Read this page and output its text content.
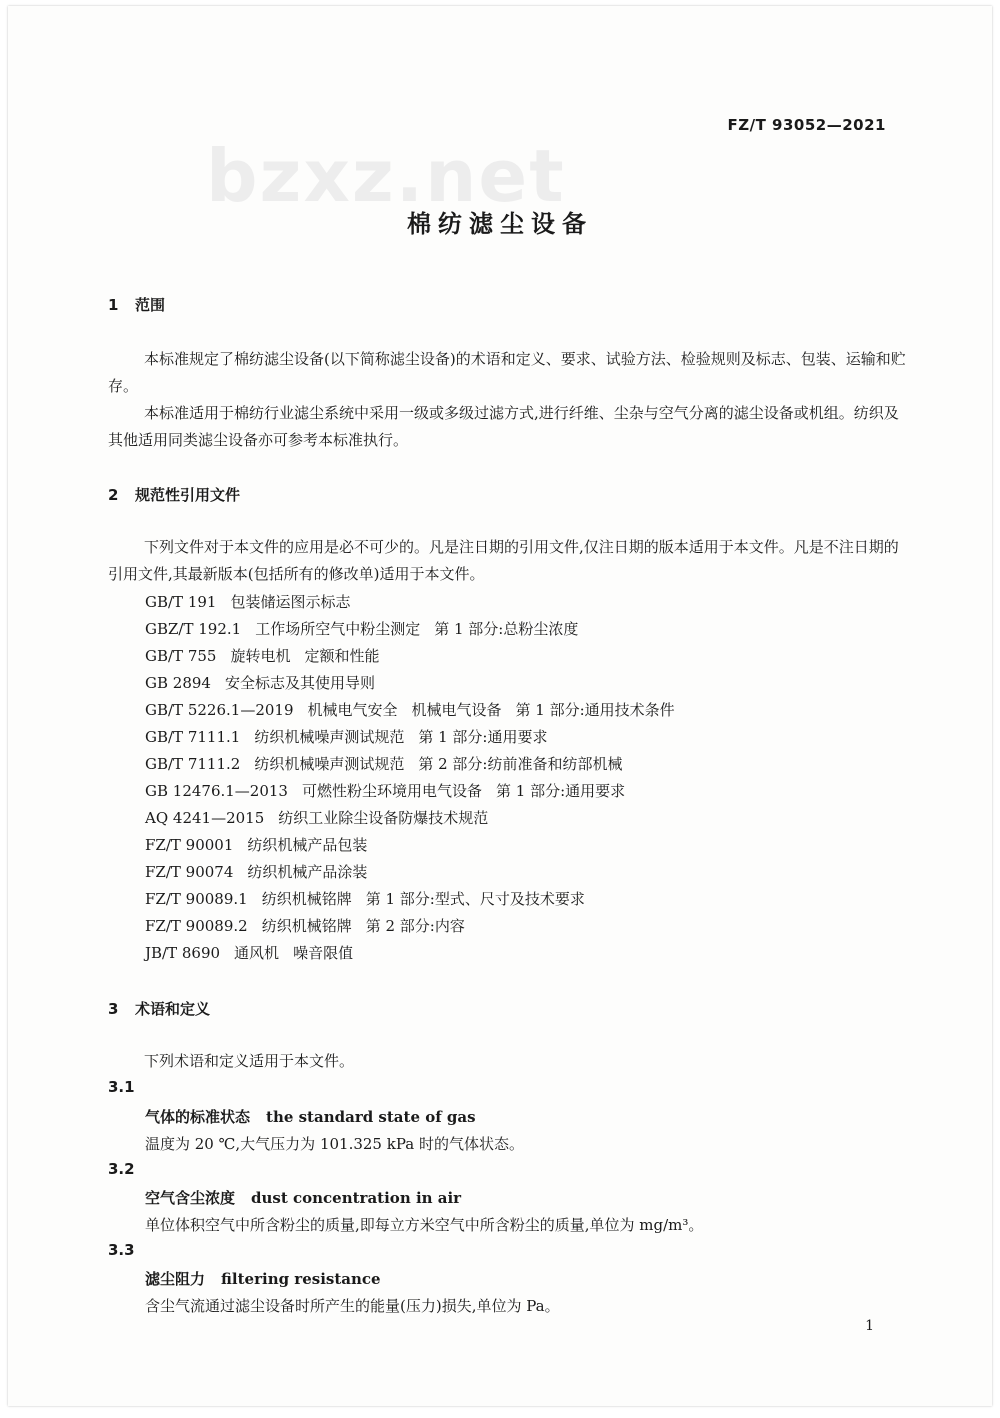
FZ/T 93052—2021
bzxz.net
棉纺滤尘设备
1 范围
本标准规定了棉纺滤尘设备(以下简称滤尘设备)的术语和定义、要求、试验方法、检验规则及标志、包装、运输和贮存。
本标准适用于棉纺行业滤尘系统中采用一级或多级过滤方式,进行纤维、尘杂与空气分离的滤尘设备或机组。纺织及其他适用同类滤尘设备亦可参考本标准执行。
2 规范性引用文件
下列文件对于本文件的应用是必不可少的。凡是注日期的引用文件,仅注日期的版本适用于本文件。凡是不注日期的引用文件,其最新版本(包括所有的修改单)适用于本文件。
GB/T 191 包装储运图示标志
GBZ/T 192.1 工作场所空气中粉尘测定 第 1 部分:总粉尘浓度
GB/T 755 旋转电机 定额和性能
GB 2894 安全标志及其使用导则
GB/T 5226.1—2019 机械电气安全 机械电气设备 第 1 部分:通用技术条件
GB/T 7111.1 纺织机械噪声测试规范 第 1 部分:通用要求
GB/T 7111.2 纺织机械噪声测试规范 第 2 部分:纺前准备和纺部机械
GB 12476.1—2013 可燃性粉尘环境用电气设备 第 1 部分:通用要求
AQ 4241—2015 纺织工业除尘设备防爆技术规范
FZ/T 90001 纺织机械产品包装
FZ/T 90074 纺织机械产品涂装
FZ/T 90089.1 纺织机械铭牌 第 1 部分:型式、尺寸及技术要求
FZ/T 90089.2 纺织机械铭牌 第 2 部分:内容
JB/T 8690 通风机 噪音限值
3 术语和定义
下列术语和定义适用于本文件。
3.1
气体的标准状态 the standard state of gas
温度为 20 ℃,大气压力为 101.325 kPa 时的气体状态。
3.2
空气含尘浓度 dust concentration in air
单位体积空气中所含粉尘的质量,即每立方米空气中所含粉尘的质量,单位为 mg/m³。
3.3
滤尘阻力 filtering resistance
含尘气流通过滤尘设备时所产生的能量(压力)损失,单位为 Pa。
1
